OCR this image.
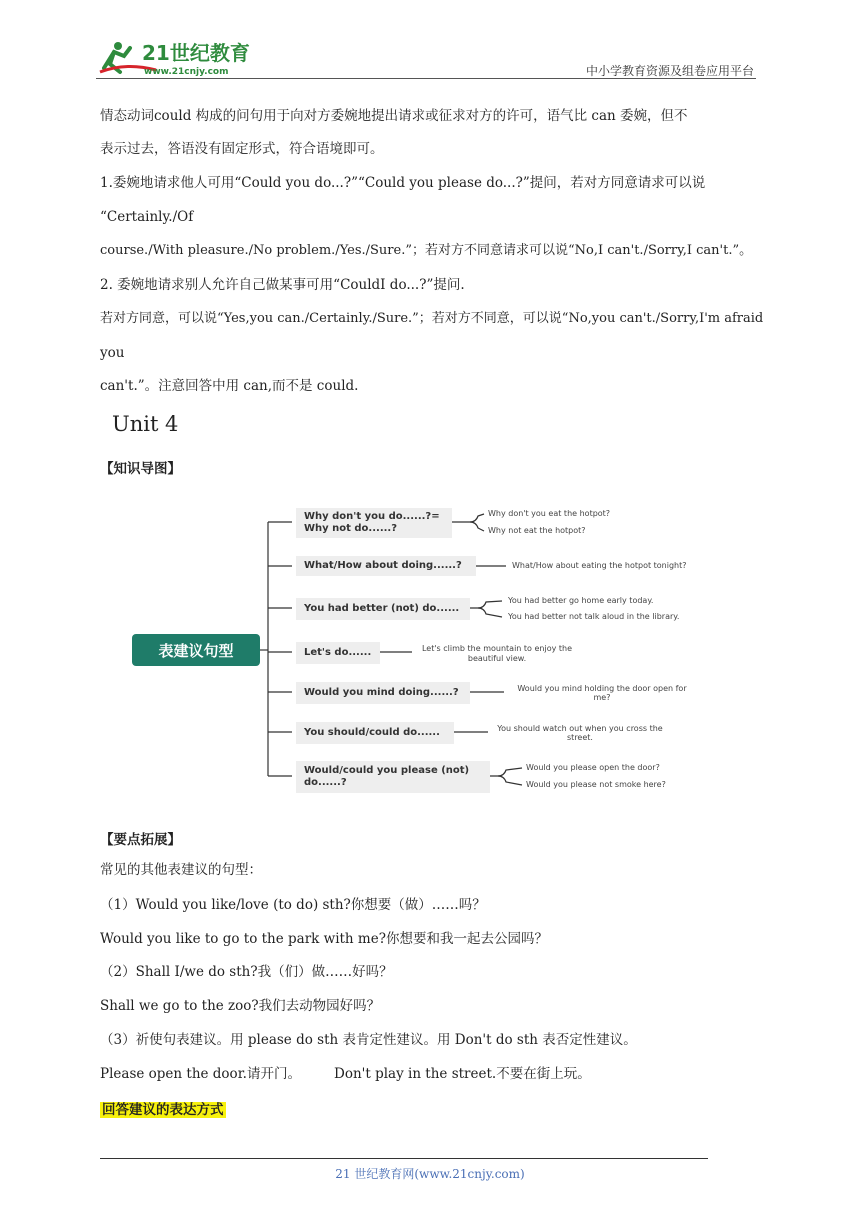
21世纪教育
www.21cnjy.com	中小学教育资源及组卷应用平台
情态动词could 构成的问句用于向对方委婉地提出请求或征求对方的许可，语气比 can 委婉，但不
表示过去，答语没有固定形式，符合语境即可。
1.委婉地请求他人可用“Could you do...?”“Could you please do...?”提问，若对方同意请求可以说
“Certainly./Of
course./With pleasure./No problem./Yes./Sure.”；若对方不同意请求可以说“No,I can't./Sorry,I can't.”。
2. 委婉地请求别人允许自己做某事可用“CouldI do...?”提问.
若对方同意，可以说“Yes,you can./Certainly./Sure.”；若对方不同意，可以说“No,you can't./Sorry,I'm afraid
you
can't.”。注意回答中用 can,而不是 could.
Unit 4
【知识导图】
表建议句型
Why don't you do......?=
Why not do......?
Why don't you eat the hotpot?
Why not eat the hotpot?
What/How about doing......?	What/How about eating the hotpot tonight?
You had better (not) do......
You had better go home early today.
You had better not talk aloud in the library.
Let's do......	Let's climb the mountain to enjoy the
beautiful view.
Would you mind doing......?	Would you mind holding the door open for
me?
You should/could do......	You should watch out when you cross the
street.
Would/could you please (not)
do......?
Would you please open the door?
Would you please not smoke here?
【要点拓展】
常见的其他表建议的句型：
（1）Would you like/love (to do) sth?你想要（做）……吗？
Would you like to go to the park with me?你想要和我一起去公园吗？
（2）Shall I/we do sth?我（们）做……好吗？
Shall we go to the zoo?我们去动物园好吗？
（3）祈使句表建议。用 please do sth 表肯定性建议。用 Don't do sth 表否定性建议。
Please open the door.请开门。 Don't play in the street.不要在街上玩。
回答建议的表达方式
21 世纪教育网(www.21cnjy.com)
